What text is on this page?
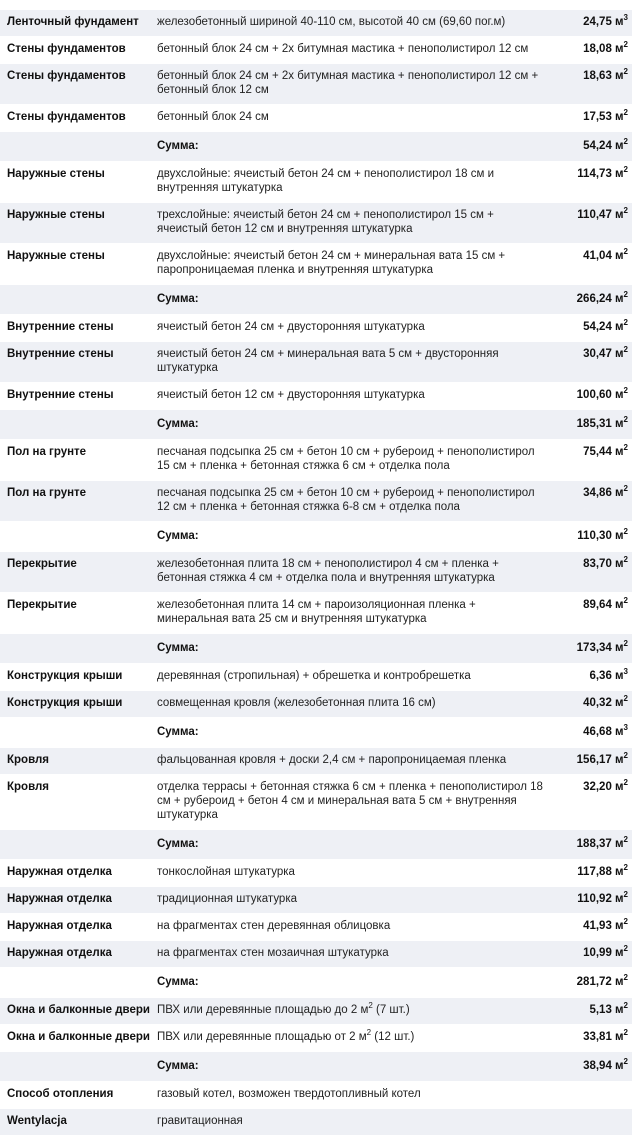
Ленточный фундамент	железобетонный шириной 40-110 см, высотой 40 см (69,60 пог.м)	24,75 $м^3$
Стены фундаментов	бетонный блок 24 см + 2x битумная мастика + пенополистирол 12 см	18,08 $м^2$
Стены фундаментов	бетонный блок 24 см + 2x битумная мастика + пенополистирол 12 см + бетонный блок 12 см	18,63 $м^2$
Стены фундаментов	бетонный блок 24 см	17,53 $м^2$
	Сумма:	54,24 $м^2$
Наружные стены	двухслойные: ячеистый бетон 24 см + пенополистирол 18 см и внутренняя штукатурка	114,73 $м^2$
Наружные стены	трехслойные: ячеистый бетон 24 см + пенополистирол 15 см + ячеистый бетон 12 см и внутренняя штукатурка	110,47 $м^2$
Наружные стены	двухслойные: ячеистый бетон 24 см + минеральная вата 15 см + паропроницаемая пленка и внутренняя штукатурка	41,04 $м^2$
	Сумма:	266,24 $м^2$
Внутренние стены	ячеистый бетон 24 см + двусторонняя штукатурка	54,24 $м^2$
Внутренние стены	ячеистый бетон 24 см + минеральная вата 5 см + двусторонняя штукатурка	30,47 $м^2$
Внутренние стены	ячеистый бетон 12 см + двусторонняя штукатурка	100,60 $м^2$
	Сумма:	185,31 $м^2$
Пол на грунте	песчаная подсыпка 25 см + бетон 10 см + рубероид + пенополистирол 15 см + пленка + бетонная стяжка 6 см + отделка пола	75,44 $м^2$
Пол на грунте	песчаная подсыпка 25 см + бетон 10 см + рубероид + пенополистирол 12 см + пленка + бетонная стяжка 6-8 см + отделка пола	34,86 $м^2$
	Сумма:	110,30 $м^2$
Перекрытие	железобетонная плита 18 см + пенополистирол 4 см + пленка + бетонная стяжка 4 см + отделка пола и внутренняя штукатурка	83,70 $м^2$
Перекрытие	железобетонная плита 14 см + пароизоляционная пленка + минеральная вата 25 см и внутренняя штукатурка	89,64 $м^2$
	Сумма:	173,34 $м^2$
Конструкция крыши	деревянная (стропильная) + обрешетка и контробрешетка	6,36 $м^3$
Конструкция крыши	совмещенная кровля (железобетонная плита 16 см)	40,32 $м^2$
	Сумма:	46,68 $м^3$
Кровля	фальцованная кровля + доски 2,4 см + паропроницаемая пленка	156,17 $м^2$
Кровля	отделка террасы + бетонная стяжка 6 см + пленка + пенополистирол 18 см + рубероид + бетон 4 см и минеральная вата 5 см + внутренняя штукатурка	32,20 $м^2$
	Сумма:	188,37 $м^2$
Наружная отделка	тонкослойная штукатурка	117,88 $м^2$
Наружная отделка	традиционная штукатурка	110,92 $м^2$
Наружная отделка	на фрагментах стен деревянная облицовка	41,93 $м^2$
Наружная отделка	на фрагментах стен мозаичная штукатурка	10,99 $м^2$
	Сумма:	281,72 $м^2$
Окна и балконные двери	ПВХ или деревянные площадью до 2 $м^2$ (7 шт.)	5,13 $м^2$
Окна и балконные двери	ПВХ или деревянные площадью от 2 $м^2$ (12 шт.)	33,81 $м^2$
	Сумма:	38,94 $м^2$
Способ отопления	газовый котел, возможен твердотопливный котел	
Wentylacja	гравитационная	
